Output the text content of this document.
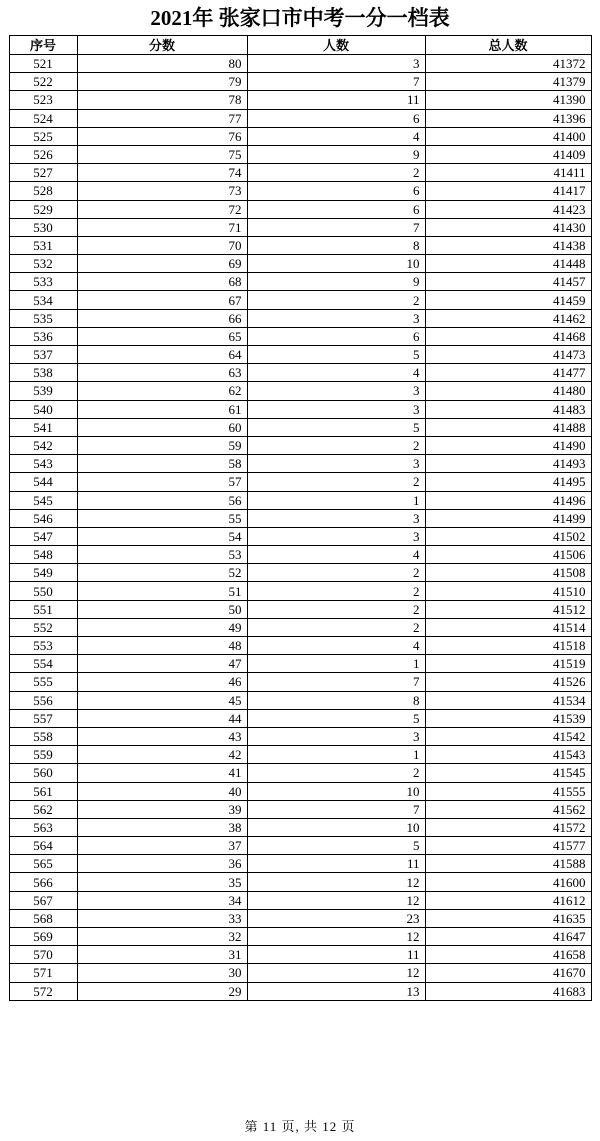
2021年 张家口市中考一分一档表
序号	分数	人数	总人数
521	80	3	41372
522	79	7	41379
523	78	11	41390
524	77	6	41396
525	76	4	41400
526	75	9	41409
527	74	2	41411
528	73	6	41417
529	72	6	41423
530	71	7	41430
531	70	8	41438
532	69	10	41448
533	68	9	41457
534	67	2	41459
535	66	3	41462
536	65	6	41468
537	64	5	41473
538	63	4	41477
539	62	3	41480
540	61	3	41483
541	60	5	41488
542	59	2	41490
543	58	3	41493
544	57	2	41495
545	56	1	41496
546	55	3	41499
547	54	3	41502
548	53	4	41506
549	52	2	41508
550	51	2	41510
551	50	2	41512
552	49	2	41514
553	48	4	41518
554	47	1	41519
555	46	7	41526
556	45	8	41534
557	44	5	41539
558	43	3	41542
559	42	1	41543
560	41	2	41545
561	40	10	41555
562	39	7	41562
563	38	10	41572
564	37	5	41577
565	36	11	41588
566	35	12	41600
567	34	12	41612
568	33	23	41635
569	32	12	41647
570	31	11	41658
571	30	12	41670
572	29	13	41683
第 11 页, 共 12 页
